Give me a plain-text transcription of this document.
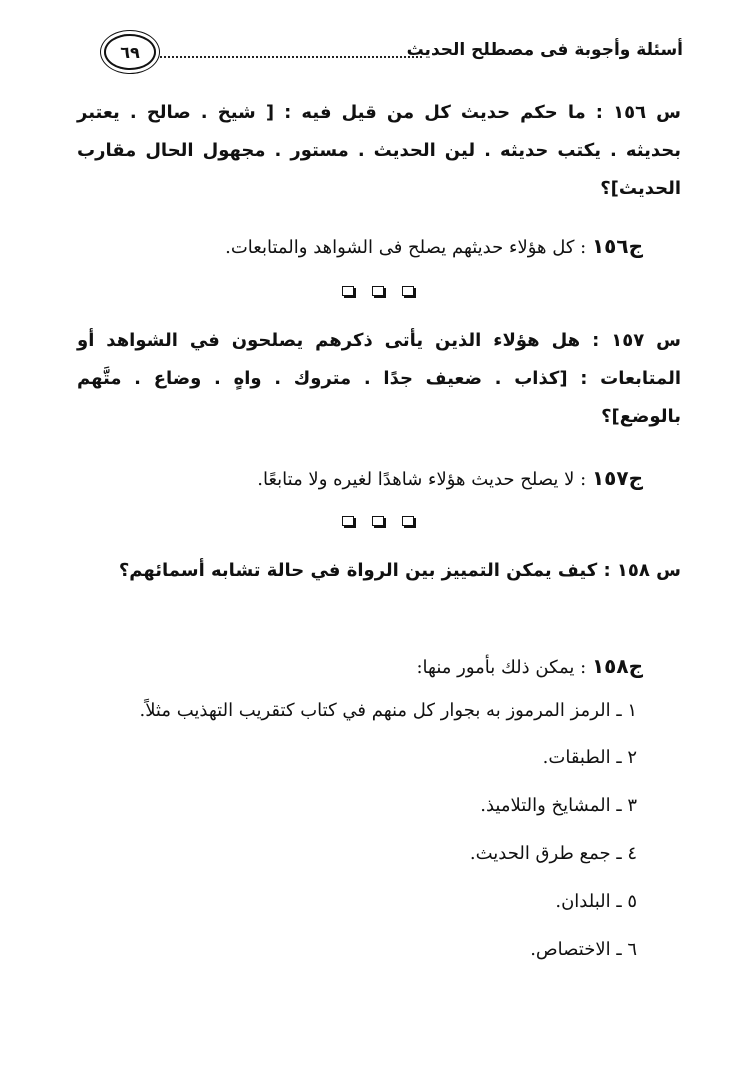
أسئلة وأجوبة فى مصطلح الحديث
٦٩
س ١٥٦ : ما حكم حديث كل من قيل فيه : [ شيخ . صالح . يعتبر بحديثه . يكتب حديثه . لين الحديث . مستور . مجهول الحال مقارب الحديث]؟
ج١٥٦ : كل هؤلاء حديثهم يصلح فى الشواهد والمتابعات.
س ١٥٧ : هل هؤلاء الذين يأتى ذكرهم يصلحون في الشواهد أو المتابعات : [كذاب . ضعيف جدًا . متروك . واهٍ . وضاع . متَّهم بالوضع]؟
ج١٥٧ : لا يصلح حديث هؤلاء شاهدًا لغيره ولا متابعًا.
س ١٥٨ : كيف يمكن التمييز بين الرواة في حالة تشابه أسمائهم؟
ج١٥٨ : يمكن ذلك بأمور منها:
١ ـ الرمز المرموز به بجوار كل منهم في كتاب كتقريب التهذيب مثلاً.
٢ ـ الطبقات.
٣ ـ المشايخ والتلاميذ.
٤ ـ جمع طرق الحديث.
٥ ـ البلدان.
٦ ـ الاختصاص.
